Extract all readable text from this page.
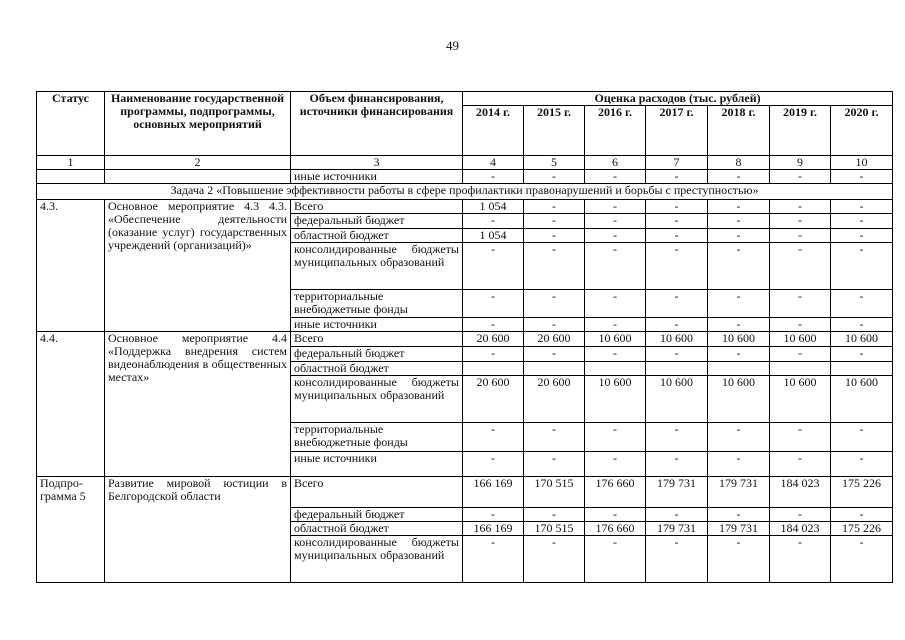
49
Статус	Наименование государственной программы, подпрограммы, основных мероприятий	Объем финансирования, источники финансирования	Оценка расходов (тыс. рублей)						
			2014 г.	2015 г.	2016 г.	2017 г.	2018 г.	2019 г.	2020 г.
1	2	3	4	5	6	7	8	9	10
		иные источники	-	-	-	-	-	-	-
Задача 2 «Повышение эффективности работы в сфере профилактики правонарушений и борьбы с преступностью»									
4.3.	Основное мероприятие 4.3 4.3. «Обеспечение деятельности (оказание услуг) государственных учреждений (организаций)»	Всего	1 054	-	-	-	-	-	-
		федеральный бюджет	-	-	-	-	-	-	-
		областной бюджет	1 054	-	-	-	-	-	-
		консолидированные бюджеты муниципальных образований	-	-	-	-	-	-	-
		территориальные внебюджетные фонды	-	-	-	-	-	-	-
		иные источники	-	-	-	-	-	-	-
4.4.	Основное мероприятие 4.4 «Поддержка внедрения систем видеонаблюдения в общественных местах»	Всего	20 600	20 600	10 600	10 600	10 600	10 600	10 600
		федеральный бюджет	-	-	-	-	-	-	-
		областной бюджет							
		консолидированные бюджеты муниципальных образований	20 600	20 600	10 600	10 600	10 600	10 600	10 600
		территориальные внебюджетные фонды	-	-	-	-	-	-	-
		иные источники	-	-	-	-	-	-	-
Подпро-грамма 5	Развитие мировой юстиции в Белгородской области	Всего	166 169	170 515	176 660	179 731	179 731	184 023	175 226
		федеральный бюджет	-	-	-	-	-	-	-
		областной бюджет	166 169	170 515	176 660	179 731	179 731	184 023	175 226
		консолидированные бюджеты муниципальных образований	-	-	-	-	-	-	-
